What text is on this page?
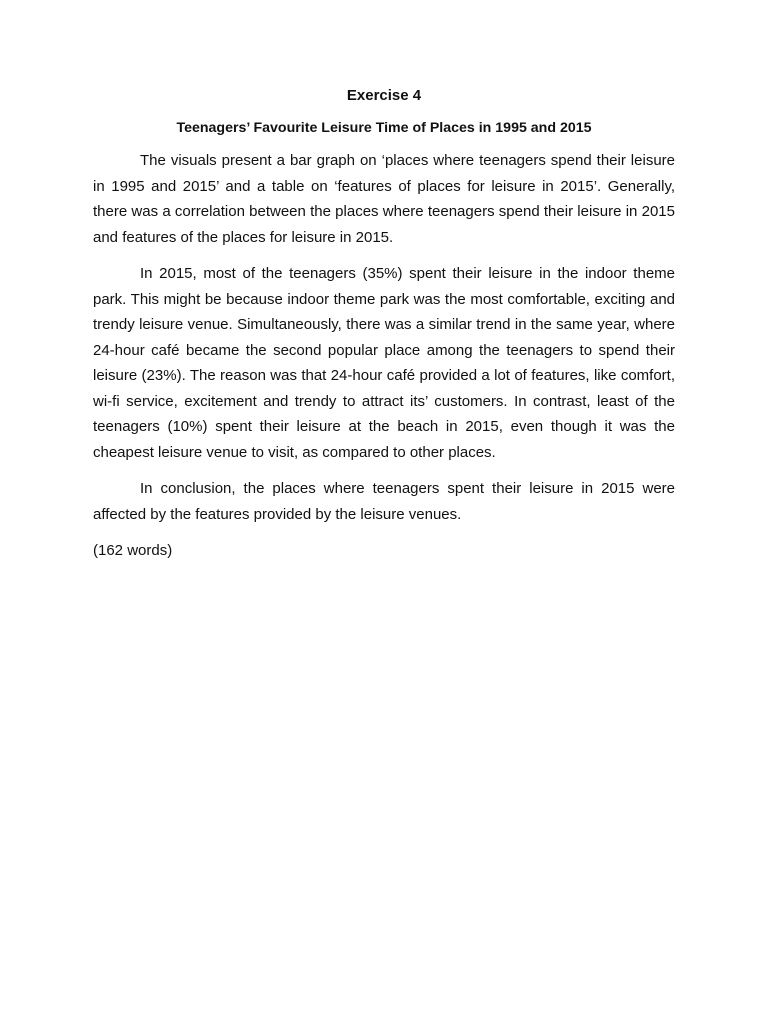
Exercise 4
Teenagers’ Favourite Leisure Time of Places in 1995 and 2015

The visuals present a bar graph on ‘places where teenagers spend their leisure in 1995 and 2015’ and a table on ‘features of places for leisure in 2015’. Generally, there was a correlation between the places where teenagers spend their leisure in 2015 and features of the places for leisure in 2015.

In 2015, most of the teenagers (35%) spent their leisure in the indoor theme park. This might be because indoor theme park was the most comfortable, exciting and trendy leisure venue. Simultaneously, there was a similar trend in the same year, where 24-hour café became the second popular place among the teenagers to spend their leisure (23%). The reason was that 24-hour café provided a lot of features, like comfort, wi-fi service, excitement and trendy to attract its’ customers. In contrast, least of the teenagers (10%) spent their leisure at the beach in 2015, even though it was the cheapest leisure venue to visit, as compared to other places.

In conclusion, the places where teenagers spent their leisure in 2015 were affected by the features provided by the leisure venues.

(162 words)
